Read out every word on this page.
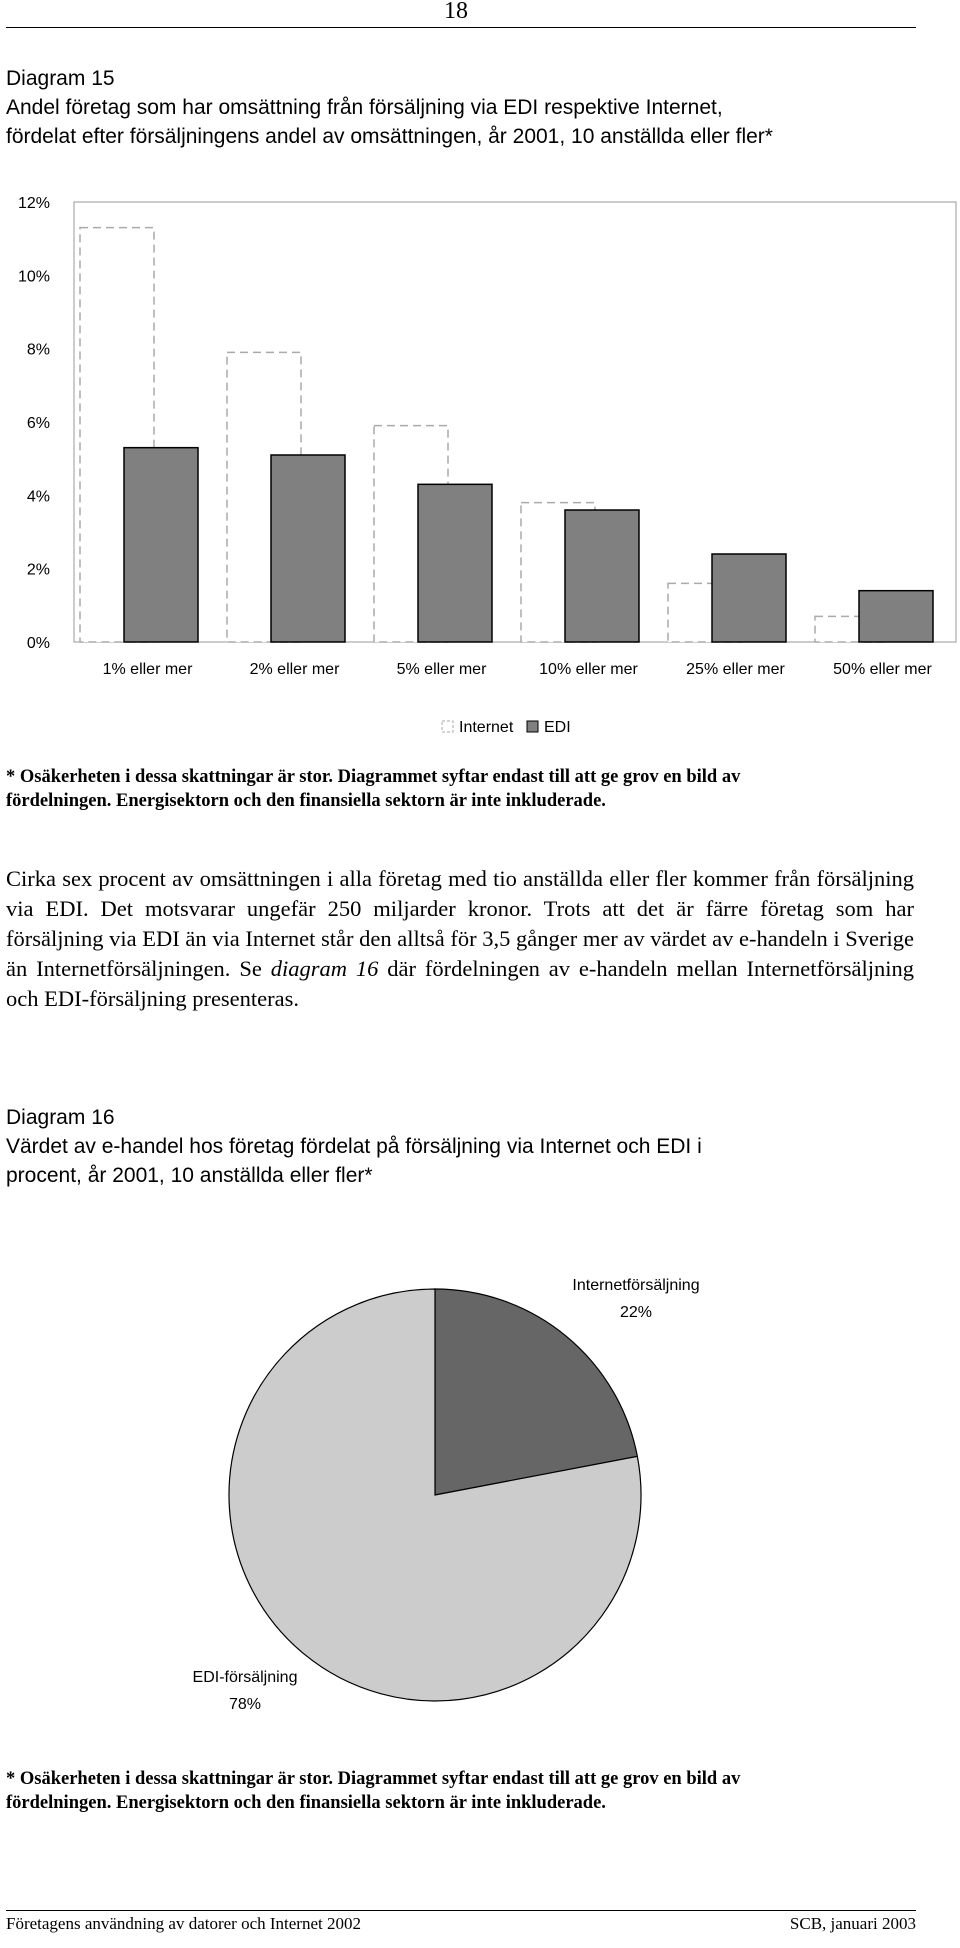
18
Diagram 15
Andel företag som har omsättning från försäljning via EDI respektive Internet,
fördelat efter försäljningens andel av omsättningen, år 2001, 10 anställda eller fler*
0%
2%
4%
6%
8%
10%
12%
1% eller mer	2% eller mer	5% eller mer	10% eller mer	25% eller mer	50% eller mer
Internet EDI
* Osäkerheten i dessa skattningar är stor. Diagrammet syftar endast till att ge grov en bild av
fördelningen. Energisektorn och den finansiella sektorn är inte inkluderade.
Cirka sex procent av omsättningen i alla företag med tio anställda eller fler kommer från försäljning via EDI. Det motsvarar ungefär 250 miljarder kronor. Trots att det är färre företag som har försäljning via EDI än via Internet står den alltså för 3,5 gånger mer av värdet av e-handeln i Sverige än Internetförsäljningen. Se diagram 16 där fördelningen av e-handeln mellan Internetförsäljning och EDI-försäljning presenteras.
Diagram 16
Värdet av e-handel hos företag fördelat på försäljning via Internet och EDI i
procent, år 2001, 10 anställda eller fler*
Internetförsäljning
22%
EDI-försäljning
78%
* Osäkerheten i dessa skattningar är stor. Diagrammet syftar endast till att ge grov en bild av
fördelningen. Energisektorn och den finansiella sektorn är inte inkluderade.
Företagens användning av datorer och Internet 2002	SCB, januari 2003
